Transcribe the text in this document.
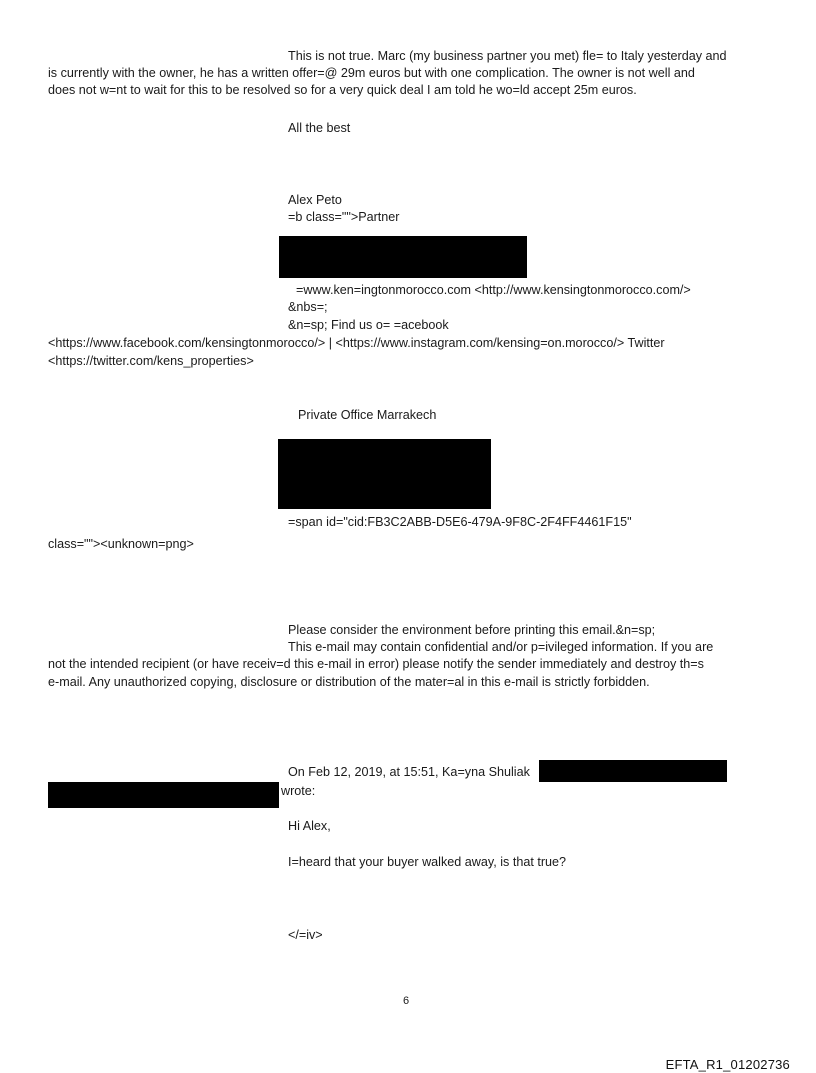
This is not true. Marc (my business partner you met) fle= to Italy yesterday and
is currently with the owner, he has a written offer=@ 29m euros but with one complication. The owner is not well and
does not w=nt to wait for this to be resolved so for a very quick deal I am told he wo=ld accept 25m euros.
All the best
Alex Peto
=b class="">Partner
=www.ken=ingtonmorocco.com <http://www.kensingtonmorocco.com/>
&nbs=;
&n=sp; Find us o= =acebook
<https://www.facebook.com/kensingtonmorocco/> | <https://www.instagram.com/kensing=on.morocco/> Twitter
<https://twitter.com/kens_properties>
Private Office Marrakech
=span id="cid:FB3C2ABB-D5E6-479A-9F8C-2F4FF4461F15"
class=""><unknown=png>
Please consider the environment before printing this email.&n=sp;
This e-mail may contain confidential and/or p=ivileged information. If you are
not the intended recipient (or have receiv=d this e-mail in error) please notify the sender immediately and destroy th=s
e-mail. Any unauthorized copying, disclosure or distribution of the mater=al in this e-mail is strictly forbidden.
On Feb 12, 2019, at 15:51, Ka=yna Shuliak
wrote:
Hi Alex,
I=heard that your buyer walked away, is that true?
</=iv>
6
EFTA_R1_01202736
